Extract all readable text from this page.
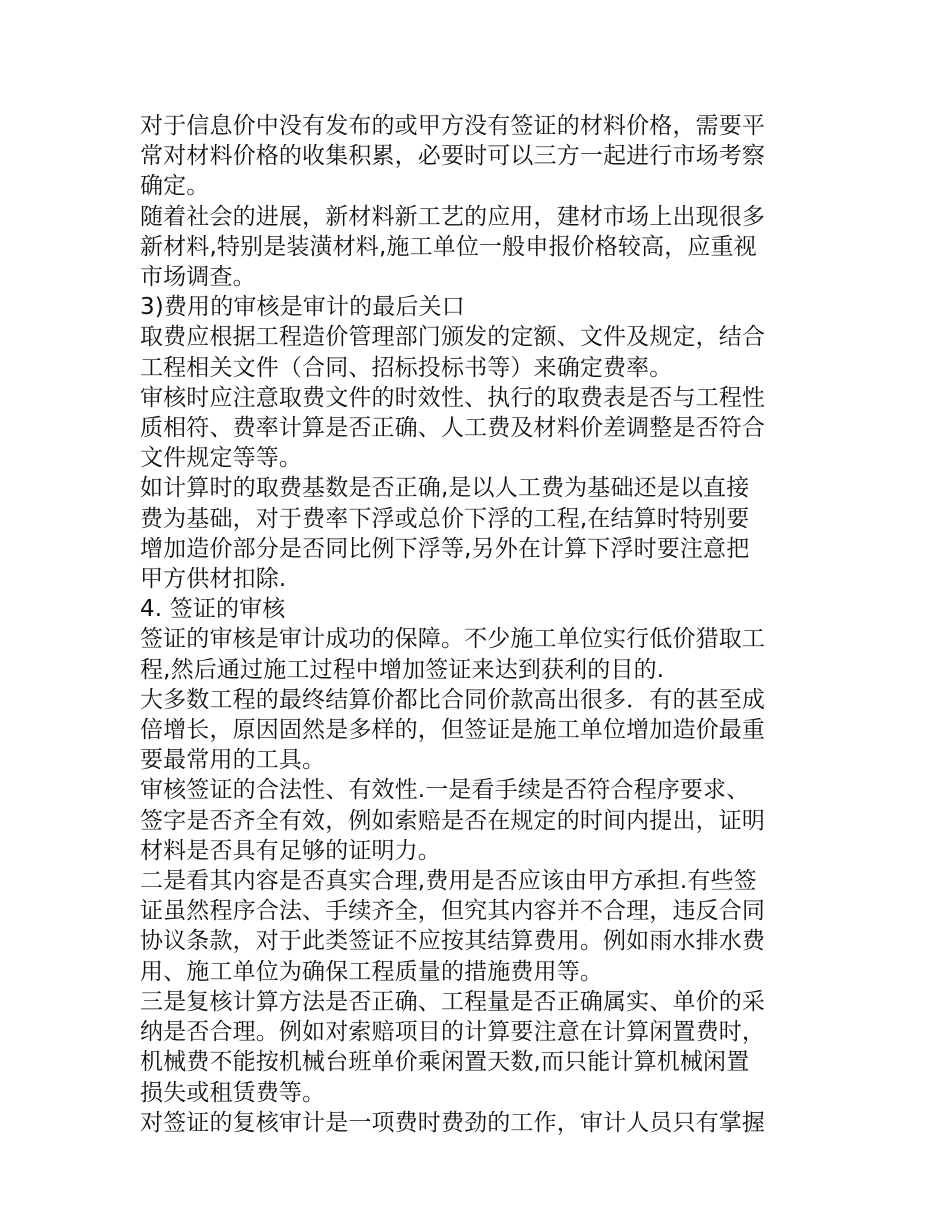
对于信息价中没有发布的或甲方没有签证的材料价格，需要平
常对材料价格的收集积累，必要时可以三方一起进行市场考察
确定。

随着社会的进展，新材料新工艺的应用，建材市场上出现很多
新材料,特别是装潢材料,施工单位一般申报价格较高，应重视
市场调查。

3)费用的审核是审计的最后关口

取费应根据工程造价管理部门颁发的定额、文件及规定，结合
工程相关文件（合同、招标投标书等）来确定费率。

审核时应注意取费文件的时效性、执行的取费表是否与工程性
质相符、费率计算是否正确、人工费及材料价差调整是否符合
文件规定等等。

如计算时的取费基数是否正确,是以人工费为基础还是以直接
费为基础，对于费率下浮或总价下浮的工程,在结算时特别要
增加造价部分是否同比例下浮等,另外在计算下浮时要注意把
甲方供材扣除.

4. 签证的审核

签证的审核是审计成功的保障。不少施工单位实行低价猎取工
程,然后通过施工过程中增加签证来达到获利的目的.

大多数工程的最终结算价都比合同价款高出很多．有的甚至成
倍增长，原因固然是多样的，但签证是施工单位增加造价最重
要最常用的工具。

审核签证的合法性、有效性.一是看手续是否符合程序要求、
签字是否齐全有效，例如索赔是否在规定的时间内提出，证明
材料是否具有足够的证明力。

二是看其内容是否真实合理,费用是否应该由甲方承担.有些签
证虽然程序合法、手续齐全，但究其内容并不合理，违反合同
协议条款，对于此类签证不应按其结算费用。例如雨水排水费
用、施工单位为确保工程质量的措施费用等。

三是复核计算方法是否正确、工程量是否正确属实、单价的采
纳是否合理。例如对索赔项目的计算要注意在计算闲置费时，
机械费不能按机械台班单价乘闲置天数,而只能计算机械闲置
损失或租赁费等。

对签证的复核审计是一项费时费劲的工作，审计人员只有掌握
